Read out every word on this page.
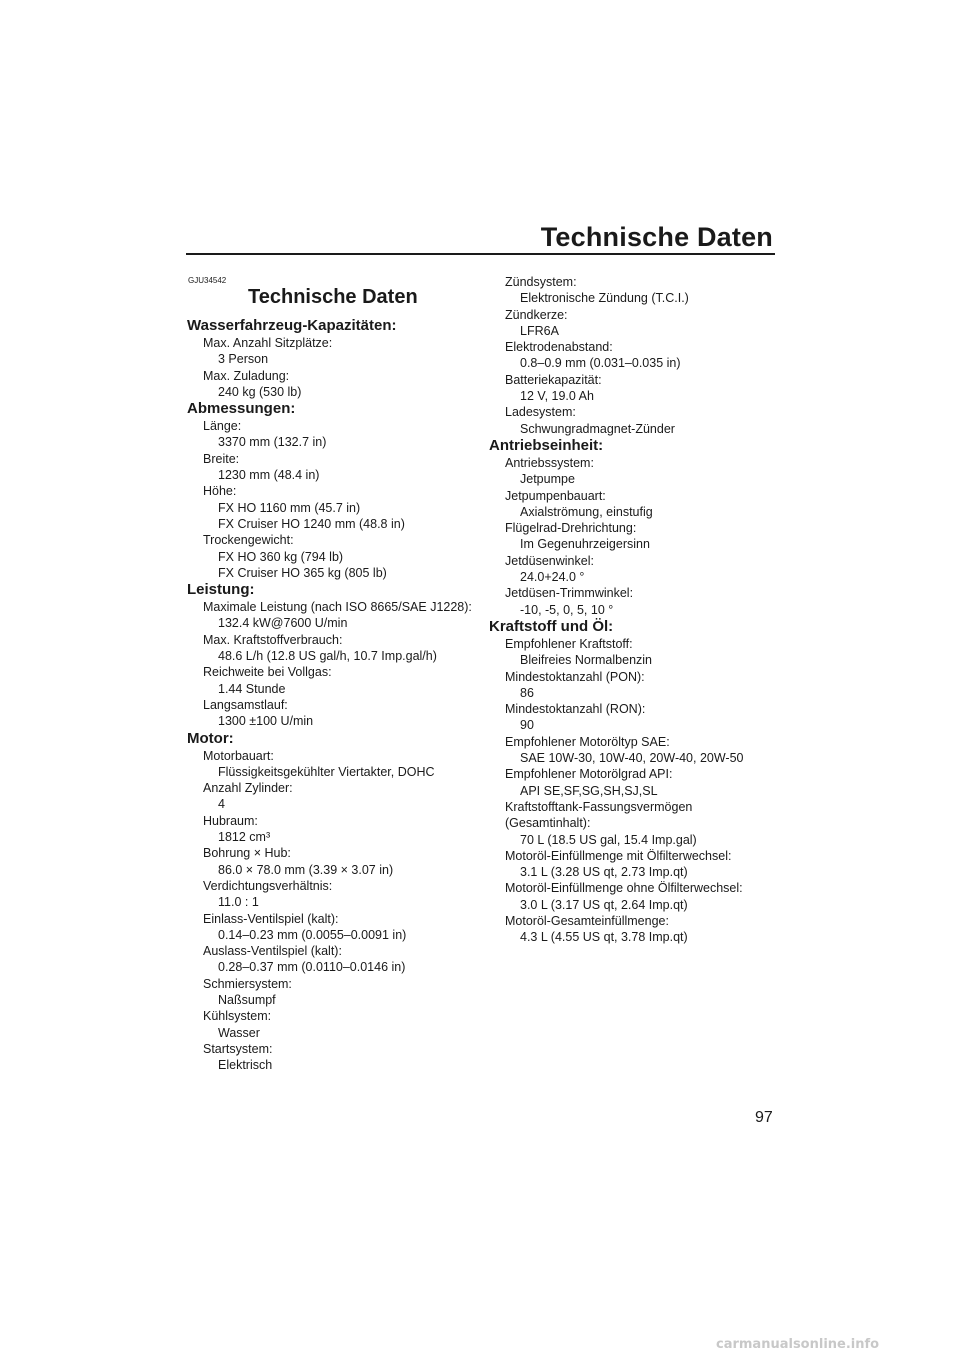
Technische Daten
GJU34542
Technische Daten
Wasserfahrzeug-Kapazitäten:
Max. Anzahl Sitzplätze:
3 Person
Max. Zuladung:
240 kg (530 lb)
Abmessungen:
Länge:
3370 mm (132.7 in)
Breite:
1230 mm (48.4 in)
Höhe:
FX HO 1160 mm (45.7 in)
FX Cruiser HO 1240 mm (48.8 in)
Trockengewicht:
FX HO 360 kg (794 lb)
FX Cruiser HO 365 kg (805 lb)
Leistung:
Maximale Leistung (nach ISO 8665/SAE J1228):
132.4 kW@7600 U/min
Max. Kraftstoffverbrauch:
48.6 L/h (12.8 US gal/h, 10.7 Imp.gal/h)
Reichweite bei Vollgas:
1.44 Stunde
Langsamstlauf:
1300 ±100 U/min
Motor:
Motorbauart:
Flüssigkeitsgekühlter Viertakter, DOHC
Anzahl Zylinder:
4
Hubraum:
1812 cm³
Bohrung × Hub:
86.0 × 78.0 mm (3.39 × 3.07 in)
Verdichtungsverhältnis:
11.0 : 1
Einlass-Ventilspiel (kalt):
0.14–0.23 mm (0.0055–0.0091 in)
Auslass-Ventilspiel (kalt):
0.28–0.37 mm (0.0110–0.0146 in)
Schmiersystem:
Naßsumpf
Kühlsystem:
Wasser
Startsystem:
Elektrisch
Zündsystem:
Elektronische Zündung (T.C.I.)
Zündkerze:
LFR6A
Elektrodenabstand:
0.8–0.9 mm (0.031–0.035 in)
Batteriekapazität:
12 V, 19.0 Ah
Ladesystem:
Schwungradmagnet-Zünder
Antriebseinheit:
Antriebssystem:
Jetpumpe
Jetpumpenbauart:
Axialströmung, einstufig
Flügelrad-Drehrichtung:
Im Gegenuhrzeigersinn
Jetdüsenwinkel:
24.0+24.0 °
Jetdüsen-Trimmwinkel:
-10, -5, 0, 5, 10 °
Kraftstoff und Öl:
Empfohlener Kraftstoff:
Bleifreies Normalbenzin
Mindestoktanzahl (PON):
86
Mindestoktanzahl (RON):
90
Empfohlener Motoröltyp SAE:
SAE 10W-30, 10W-40, 20W-40, 20W-50
Empfohlener Motorölgrad API:
API SE,SF,SG,SH,SJ,SL
Kraftstofftank-Fassungsvermögen
(Gesamtinhalt):
70 L (18.5 US gal, 15.4 Imp.gal)
Motoröl-Einfüllmenge mit Ölfilterwechsel:
3.1 L (3.28 US qt, 2.73 Imp.qt)
Motoröl-Einfüllmenge ohne Ölfilterwechsel:
3.0 L (3.17 US qt, 2.64 Imp.qt)
Motoröl-Gesamteinfüllmenge:
4.3 L (4.55 US qt, 3.78 Imp.qt)
97
carmanualsonline.info
